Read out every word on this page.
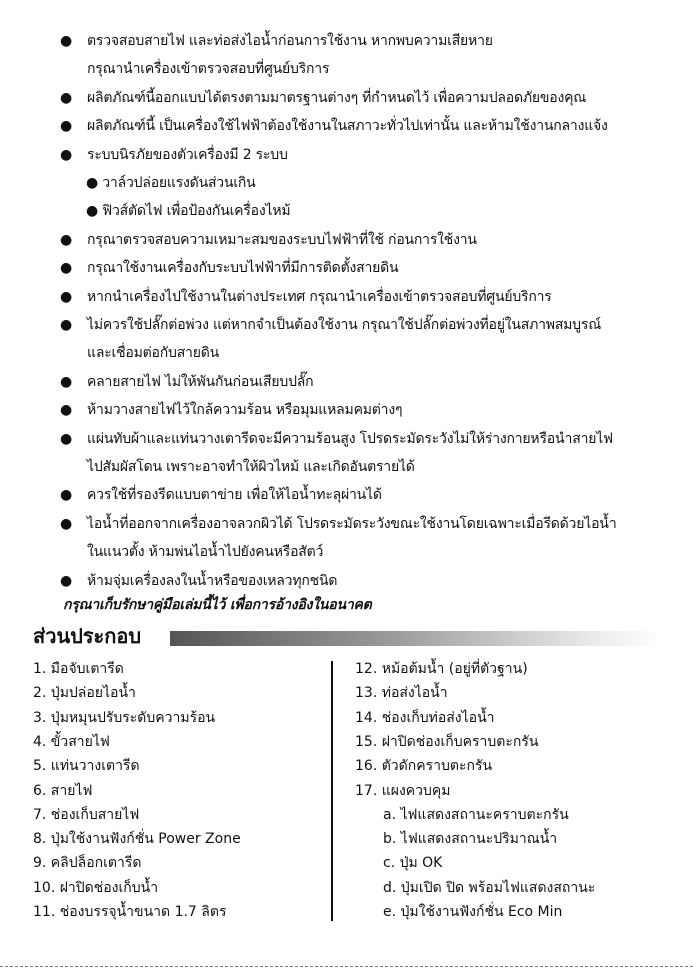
● ตรวจสอบสายไฟ และท่อส่งไอน้ำก่อนการใช้งาน หากพบความเสียหาย
กรุณานำเครื่องเข้าตรวจสอบที่ศูนย์บริการ
● ผลิตภัณฑ์นี้ออกแบบได้ตรงตามมาตรฐานต่างๆ ที่กำหนดไว้ เพื่อความปลอดภัยของคุณ
● ผลิตภัณฑ์นี้ เป็นเครื่องใช้ไฟฟ้าต้องใช้งานในสภาวะทั่วไปเท่านั้น และห้ามใช้งานกลางแจ้ง
● ระบบนิรภัยของตัวเครื่องมี 2 ระบบ
● วาล์วปล่อยแรงดันส่วนเกิน
● ฟิวส์ตัดไฟ เพื่อป้องกันเครื่องไหม้
● กรุณาตรวจสอบความเหมาะสมของระบบไฟฟ้าที่ใช้ ก่อนการใช้งาน
● กรุณาใช้งานเครื่องกับระบบไฟฟ้าที่มีการติดตั้งสายดิน
● หากนำเครื่องไปใช้งานในต่างประเทศ กรุณานำเครื่องเข้าตรวจสอบที่ศูนย์บริการ
● ไม่ควรใช้ปลั๊กต่อพ่วง แต่หากจำเป็นต้องใช้งาน กรุณาใช้ปลั๊กต่อพ่วงที่อยู่ในสภาพสมบูรณ์
และเชื่อมต่อกับสายดิน
● คลายสายไฟ ไม่ให้พันกันก่อนเสียบปลั๊ก
● ห้ามวางสายไฟไว้ใกล้ความร้อน หรือมุมแหลมคมต่างๆ
● แผ่นทับผ้าและแท่นวางเตารีดจะมีความร้อนสูง โปรดระมัดระวังไม่ให้ร่างกายหรือนำสายไฟ
ไปสัมผัสโดน เพราะอาจทำให้ผิวไหม้ และเกิดอันตรายได้
● ควรใช้ที่รองรีดแบบตาข่าย เพื่อให้ไอน้ำทะลุผ่านได้
● ไอน้ำที่ออกจากเครื่องอาจลวกผิวได้ โปรดระมัดระวังขณะใช้งานโดยเฉพาะเมื่อรีดด้วยไอน้ำ
ในแนวตั้ง ห้ามพ่นไอน้ำไปยังคนหรือสัตว์
● ห้ามจุ่มเครื่องลงในน้ำหรือของเหลวทุกชนิด
กรุณาเก็บรักษาคู่มือเล่มนี้ไว้ เพื่อการอ้างอิงในอนาคต
ส่วนประกอบ
1. มือจับเตารีด
2. ปุ่มปล่อยไอน้ำ
3. ปุ่มหมุนปรับระดับความร้อน
4. ขั้วสายไฟ
5. แท่นวางเตารีด
6. สายไฟ
7. ช่องเก็บสายไฟ
8. ปุ่มใช้งานฟังก์ชั่น Power Zone
9. คลิปล็อกเตารีด
10. ฝาปิดช่องเก็บน้ำ
11. ช่องบรรจุน้ำขนาด 1.7 ลิตร
12. หม้อต้มน้ำ (อยู่ที่ตัวฐาน)
13. ท่อส่งไอน้ำ
14. ช่องเก็บท่อส่งไอน้ำ
15. ฝาปิดช่องเก็บคราบตะกรัน
16. ตัวดักคราบตะกรัน
17. แผงควบคุม
a. ไฟแสดงสถานะคราบตะกรัน
b. ไฟแสดงสถานะปริมาณน้ำ
c. ปุ่ม OK
d. ปุ่มเปิด ปิด พร้อมไฟแสดงสถานะ
e. ปุ่มใช้งานฟังก์ชั่น Eco Min
